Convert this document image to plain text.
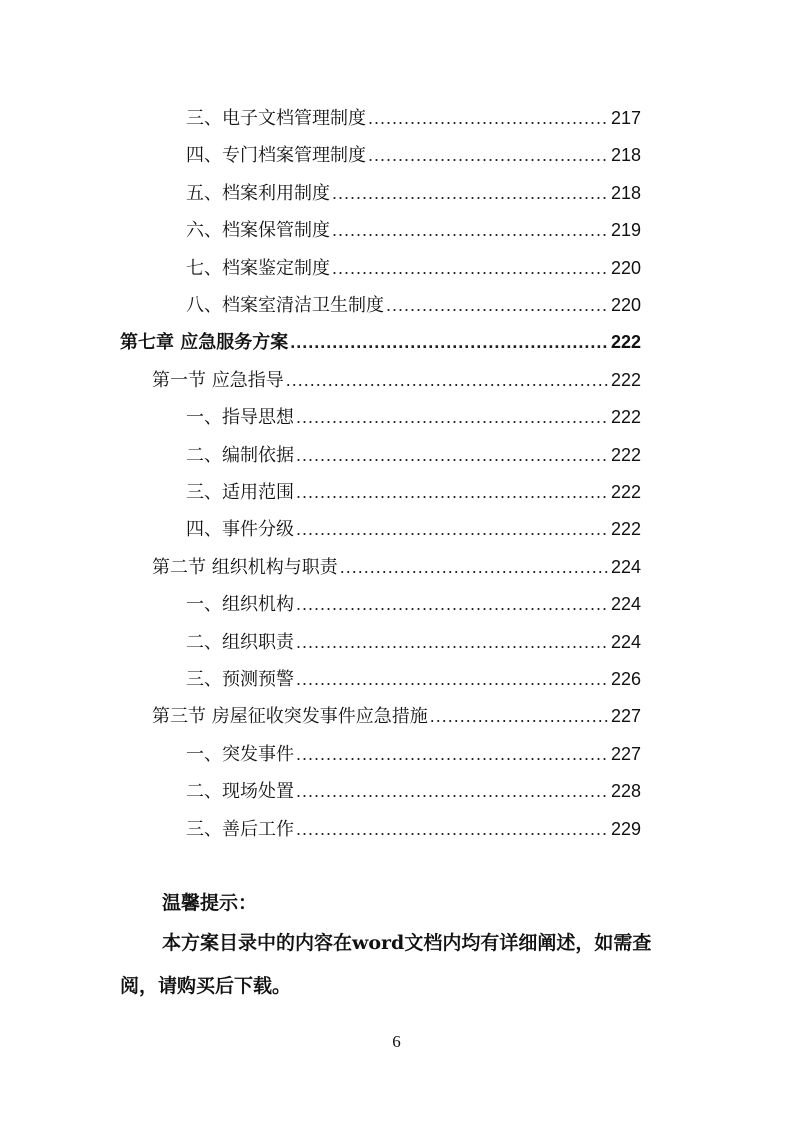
三、电子文档管理制度 .....	217
四、专门档案管理制度 .....	218
五、档案利用制度 .....	218
六、档案保管制度 .....	219
七、档案鉴定制度 .....	220
八、档案室清洁卫生制度 .....	220
第七章 应急服务方案 .....	222
第一节 应急指导 .....	222
一、指导思想 .....	222
二、编制依据 .....	222
三、适用范围 .....	222
四、事件分级 .....	222
第二节 组织机构与职责 .....	224
一、组织机构 .....	224
二、组织职责 .....	224
三、预测预警 .....	226
第三节 房屋征收突发事件应急措施 .....	227
一、突发事件 .....	227
二、现场处置 .....	228
三、善后工作 .....	229
温馨提示：
本方案目录中的内容在word文档内均有详细阐述，如需查阅，请购买后下载。
6
